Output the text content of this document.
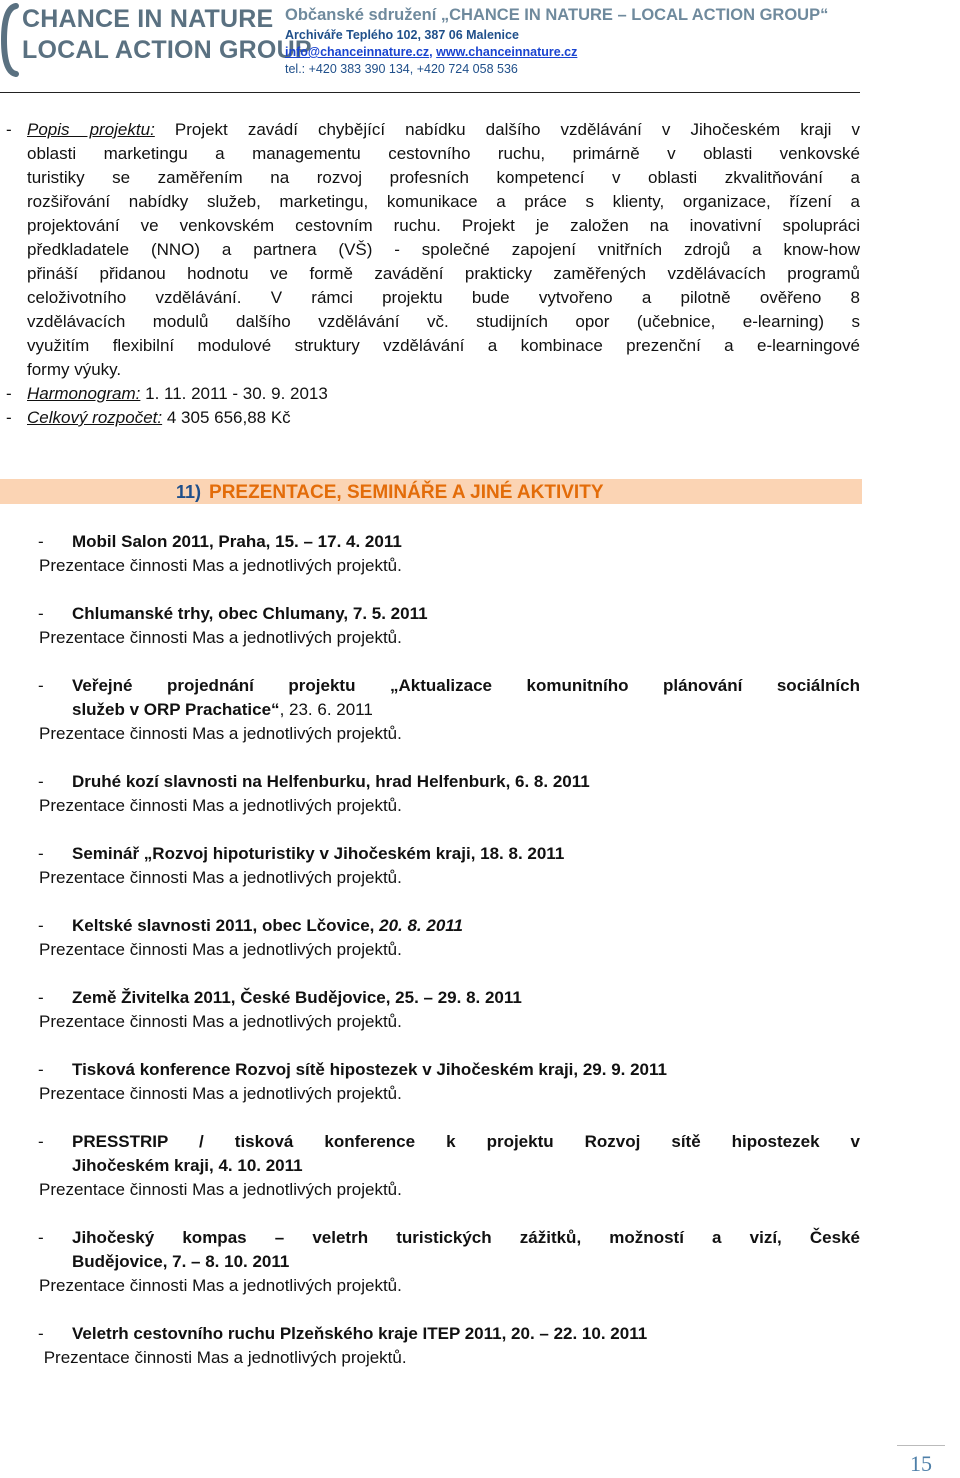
CHANCE IN NATURE
LOCAL ACTION GROUP
Občanské sdružení „CHANCE IN NATURE – LOCAL ACTION GROUP“
Archiváře Teplého 102, 387 06 Malenice
info@chanceinnature.cz, www.chanceinnature.cz
tel.: +420 383 390 134, +420 724 058 536
- Popis projektu: Projekt zavádí chybějící nabídku dalšího vzdělávání v Jihočeském kraji v
oblasti marketingu a managementu cestovního ruchu, primárně v oblasti venkovské
turistiky se zaměřením na rozvoj profesních kompetencí v oblasti zkvalitňování a
rozšiřování nabídky služeb, marketingu, komunikace a práce s klienty, organizace, řízení a
projektování ve venkovském cestovním ruchu. Projekt je založen na inovativní spolupráci
předkladatele (NNO) a partnera (VŠ) - společné zapojení vnitřních zdrojů a know-how
přináší přidanou hodnotu ve formě zavádění prakticky zaměřených vzdělávacích programů
celoživotního vzdělávání. V rámci projektu bude vytvořeno a pilotně ověřeno 8
vzdělávacích modulů dalšího vzdělávání vč. studijních opor (učebnice, e-learning) s
využitím flexibilní modulové struktury vzdělávání a kombinace prezenční a e-learningové
formy výuky.
- Harmonogram: 1. 11. 2011 - 30. 9. 2013
- Celkový rozpočet: 4 305 656,88 Kč
11) PREZENTACE, SEMINÁŘE A JINÉ AKTIVITY
- Mobil Salon 2011, Praha, 15. – 17. 4. 2011
Prezentace činnosti Mas a jednotlivých projektů.
- Chlumanské trhy, obec Chlumany, 7. 5. 2011
Prezentace činnosti Mas a jednotlivých projektů.
- Veřejné projednání projektu „Aktualizace komunitního plánování sociálních
služeb v ORP Prachatice“, 23. 6. 2011
Prezentace činnosti Mas a jednotlivých projektů.
- Druhé kozí slavnosti na Helfenburku, hrad Helfenburk, 6. 8. 2011
Prezentace činnosti Mas a jednotlivých projektů.
- Seminář „Rozvoj hipoturistiky v Jihočeském kraji, 18. 8. 2011
Prezentace činnosti Mas a jednotlivých projektů.
- Keltské slavnosti 2011, obec Lčovice, 20. 8. 2011
Prezentace činnosti Mas a jednotlivých projektů.
- Země Živitelka 2011, České Budějovice, 25. – 29. 8. 2011
Prezentace činnosti Mas a jednotlivých projektů.
- Tisková konference Rozvoj sítě hipostezek v Jihočeském kraji, 29. 9. 2011
Prezentace činnosti Mas a jednotlivých projektů.
- PRESSTRIP / tisková konference k projektu Rozvoj sítě hipostezek v
Jihočeském kraji, 4. 10. 2011
Prezentace činnosti Mas a jednotlivých projektů.
- Jihočeský kompas – veletrh turistických zážitků, možností a vizí, České
Budějovice, 7. – 8. 10. 2011
Prezentace činnosti Mas a jednotlivých projektů.
- Veletrh cestovního ruchu Plzeňského kraje ITEP 2011, 20. – 22. 10. 2011
Prezentace činnosti Mas a jednotlivých projektů.
15
